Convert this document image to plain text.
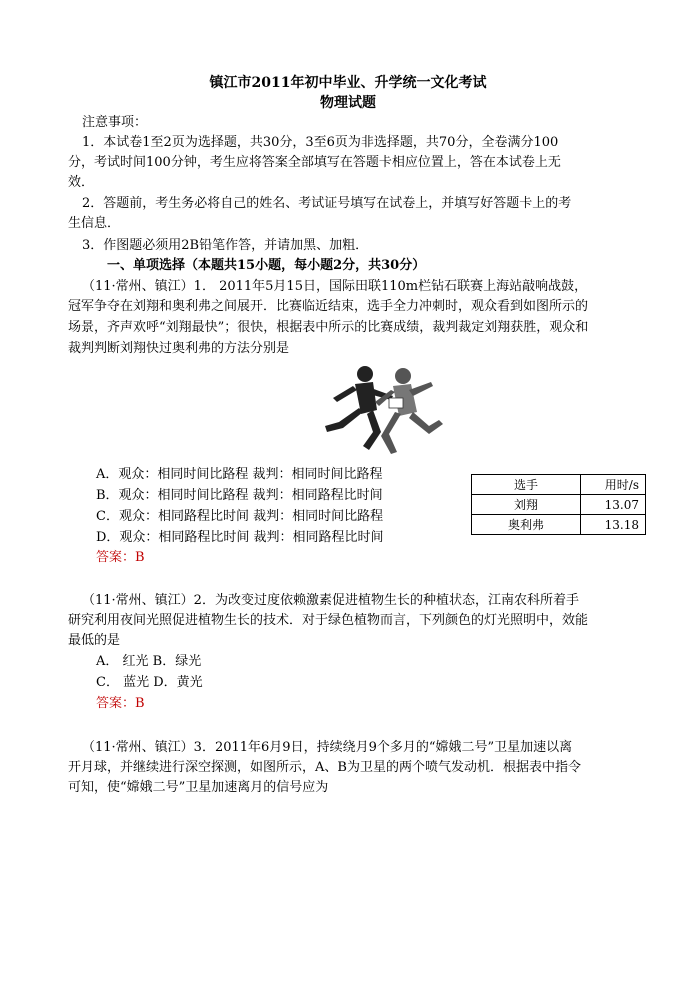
镇江市2011年初中毕业、升学统一文化考试
物理试题
注意事项：
1．本试卷1至2页为选择题，共30分，3至6页为非选择题，共70分，全卷满分100
分，考试时间100分钟，考生应将答案全部填写在答题卡相应位置上，答在本试卷上无
效．
2．答题前，考生务必将自己的姓名、考试证号填写在试卷上，并填写好答题卡上的考
生信息．
3．作图题必须用2B铅笔作答，并请加黑、加粗．
一、单项选择（本题共15小题，每小题2分，共30分）
（11·常州、镇江）1． 2011年5月15日，国际田联110m栏钻石联赛上海站敲响战鼓，
冠军争夺在刘翔和奥利弗之间展开．比赛临近结束，选手全力冲刺时，观众看到如图所示的
场景，齐声欢呼“刘翔最快”；很快，根据表中所示的比赛成绩，裁判裁定刘翔获胜，观众和
裁判判断刘翔快过奥利弗的方法分别是
A．观众：相同时间比路程 裁判：相同时间比路程
B．观众：相同时间比路程 裁判：相同路程比时间
C．观众：相同路程比时间 裁判：相同时间比路程
D．观众：相同路程比时间 裁判：相同路程比时间
答案：B
选手	用时/s
刘翔	13.07
奥利弗	13.18
（11·常州、镇江）2．为改变过度依赖激素促进植物生长的种植状态，江南农科所着手
研究利用夜间光照促进植物生长的技术．对于绿色植物而言，下列颜色的灯光照明中，效能
最低的是
A． 红光 B．绿光
C． 蓝光 D．黄光
答案：B
（11·常州、镇江）3．2011年6月9日，持续绕月9个多月的“嫦娥二号”卫星加速以离
开月球，并继续进行深空探测，如图所示，A、B为卫星的两个喷气发动机．根据表中指令
可知，使“嫦娥二号”卫星加速离月的信号应为
